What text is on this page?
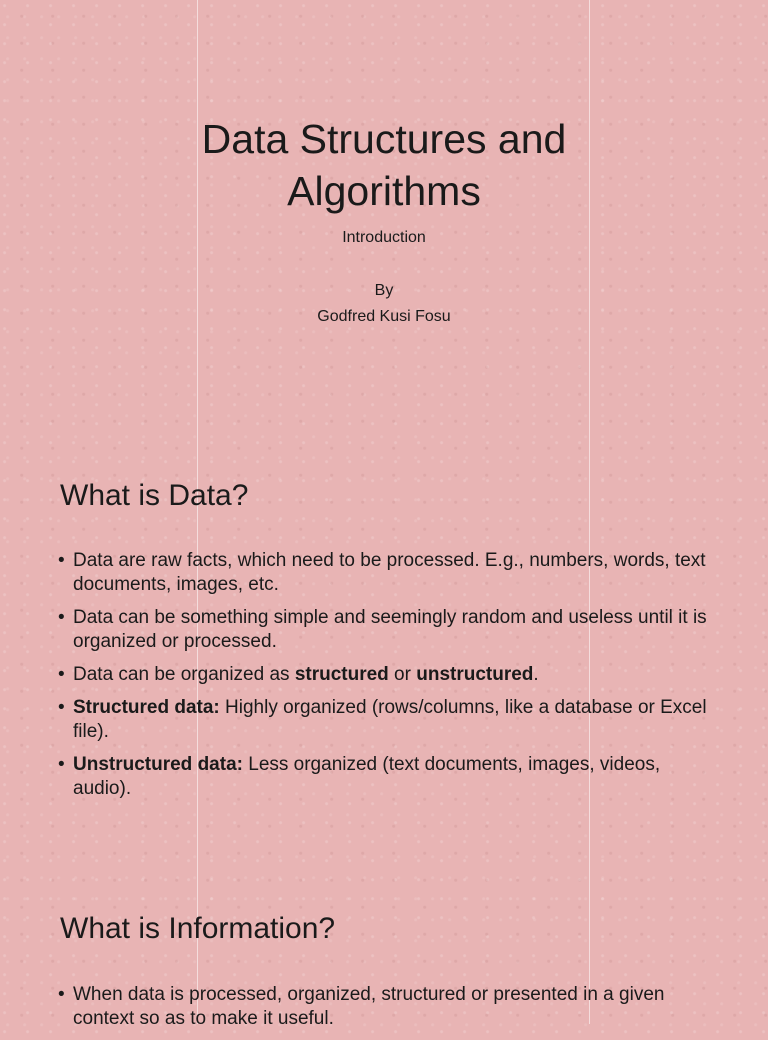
Data Structures and
Algorithms
Introduction
By
Godfred Kusi Fosu
What is Data?
• Data are raw facts, which need to be processed. E.g., numbers, words, text documents, images, etc.
• Data can be something simple and seemingly random and useless until it is organized or processed.
• Data can be organized as structured or unstructured.
• Structured data: Highly organized (rows/columns, like a database or Excel file).
• Unstructured data: Less organized (text documents, images, videos, audio).
What is Information?
• When data is processed, organized, structured or presented in a given context so as to make it useful.
